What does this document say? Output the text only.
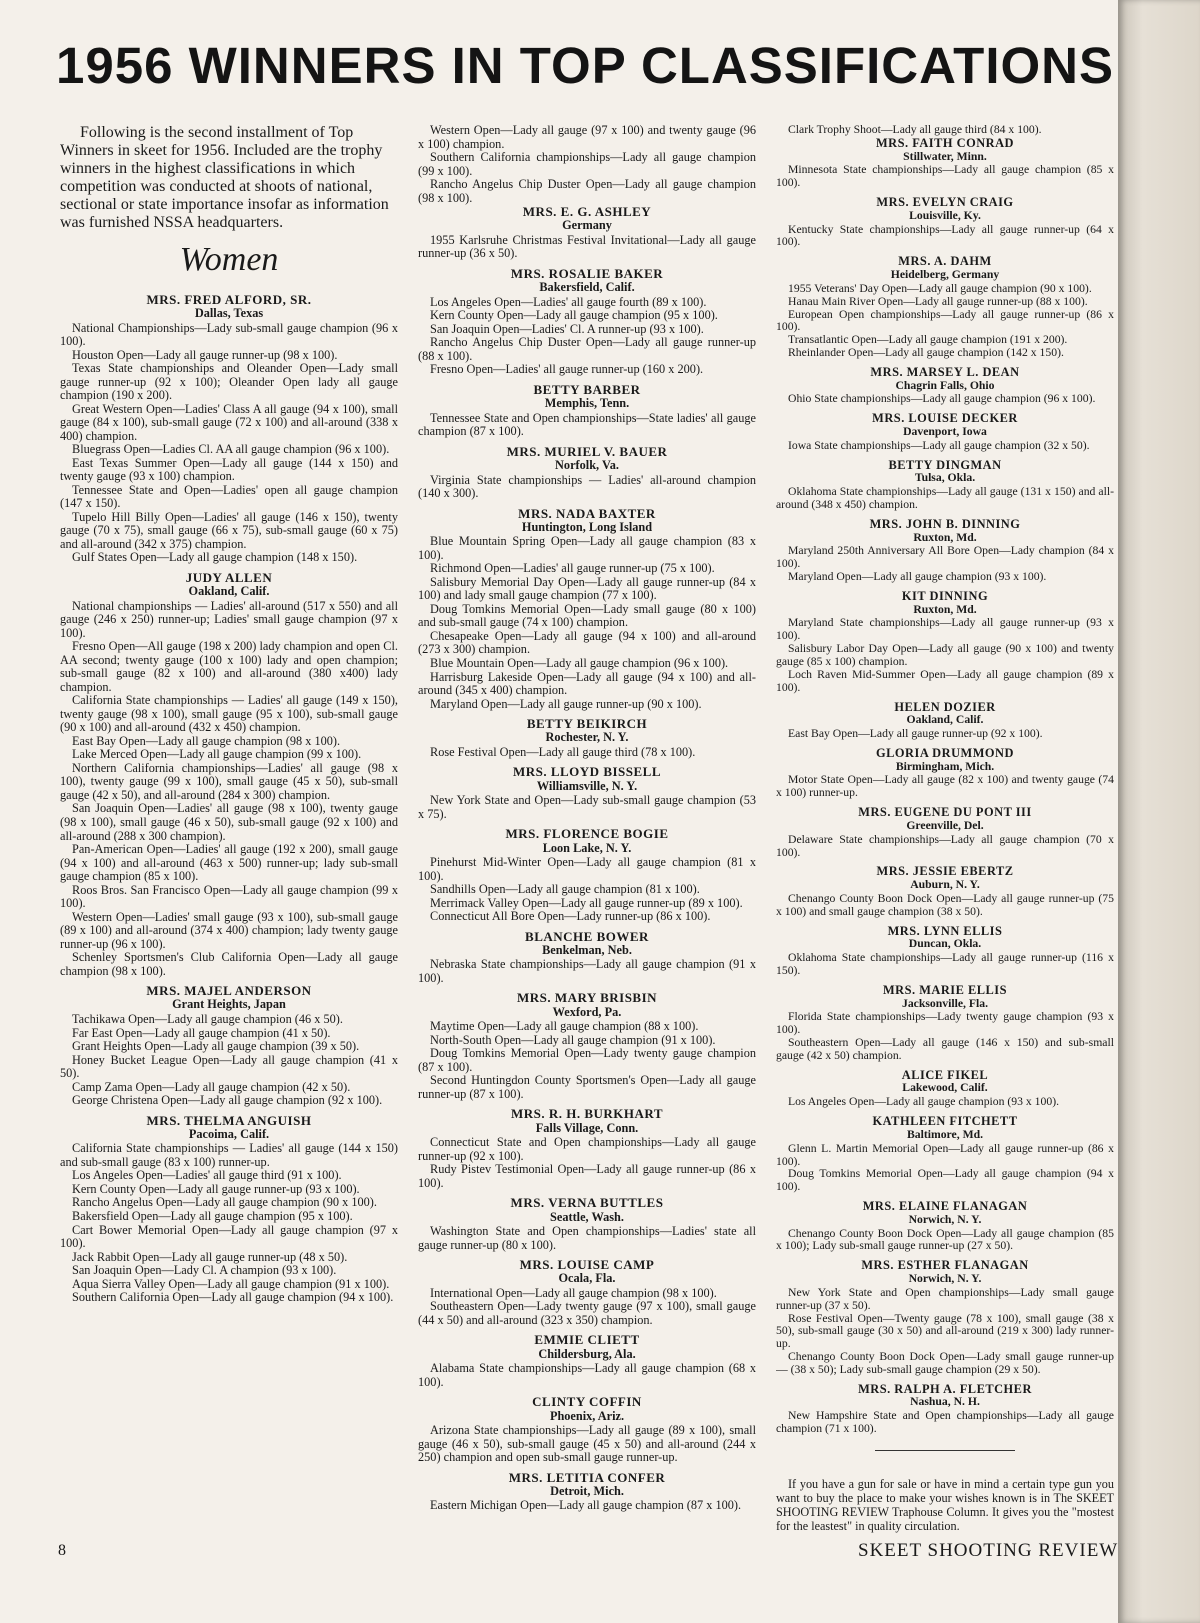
1956 WINNERS IN TOP CLASSIFICATIONS

Following is the second installment of Top Winners in skeet for 1956. Included are the trophy winners in the highest classifications in which competition was conducted at shoots of national, sectional or state importance insofar as information was furnished NSSA headquarters.

Women

MRS. FRED ALFORD, SR.

Dallas, Texas

National Championships—Lady sub-small gauge champion (96 x 100).

Houston Open—Lady all gauge runner-up (98 x 100).

Texas State championships and Oleander Open—Lady small gauge runner-up (92 x 100); Oleander Open lady all gauge champion (190 x 200).

Great Western Open—Ladies' Class A all gauge (94 x 100), small gauge (84 x 100), sub-small gauge (72 x 100) and all-around (338 x 400) champion.

Bluegrass Open—Ladies Cl. AA all gauge champion (96 x 100).

East Texas Summer Open—Lady all gauge (144 x 150) and twenty gauge (93 x 100) champion.

Tennessee State and Open—Ladies' open all gauge champion (147 x 150).

Tupelo Hill Billy Open—Ladies' all gauge (146 x 150), twenty gauge (70 x 75), small gauge (66 x 75), sub-small gauge (60 x 75) and all-around (342 x 375) champion.

Gulf States Open—Lady all gauge champion (148 x 150).

JUDY ALLEN

Oakland, Calif.

National championships — Ladies' all-around (517 x 550) and all gauge (246 x 250) runner-up; Ladies' small gauge champion (97 x 100).

Fresno Open—All gauge (198 x 200) lady champion and open Cl. AA second; twenty gauge (100 x 100) lady and open champion; sub-small gauge (82 x 100) and all-around (380 x400) lady champion.

California State championships — Ladies' all gauge (149 x 150), twenty gauge (98 x 100), small gauge (95 x 100), sub-small gauge (90 x 100) and all-around (432 x 450) champion.

East Bay Open—Lady all gauge champion (98 x 100).

Lake Merced Open—Lady all gauge champion (99 x 100).

Northern California championships—Ladies' all gauge (98 x 100), twenty gauge (99 x 100), small gauge (45 x 50), sub-small gauge (42 x 50), and all-around (284 x 300) champion.

San Joaquin Open—Ladies' all gauge (98 x 100), twenty gauge (98 x 100), small gauge (46 x 50), sub-small gauge (92 x 100) and all-around (288 x 300 champion).

Pan-American Open—Ladies' all gauge (192 x 200), small gauge (94 x 100) and all-around (463 x 500) runner-up; lady sub-small gauge champion (85 x 100).

Roos Bros. San Francisco Open—Lady all gauge champion (99 x 100).

Western Open—Ladies' small gauge (93 x 100), sub-small gauge (89 x 100) and all-around (374 x 400) champion; lady twenty gauge runner-up (96 x 100).

Schenley Sportsmen's Club California Open—Lady all gauge champion (98 x 100).

MRS. MAJEL ANDERSON

Grant Heights, Japan

Tachikawa Open—Lady all gauge champion (46 x 50).

Far East Open—Lady all gauge champion (41 x 50).

Grant Heights Open—Lady all gauge champion (39 x 50).

Honey Bucket League Open—Lady all gauge champion (41 x 50).

Camp Zama Open—Lady all gauge champion (42 x 50).

George Christena Open—Lady all gauge champion (92 x 100).

MRS. THELMA ANGUISH

Pacoima, Calif.

California State championships — Ladies' all gauge (144 x 150) and sub-small gauge (83 x 100) runner-up.

Los Angeles Open—Ladies' all gauge third (91 x 100).

Kern County Open—Lady all gauge runner-up (93 x 100).

Rancho Angelus Open—Lady all gauge champion (90 x 100).

Bakersfield Open—Lady all gauge champion (95 x 100).

Cart Bower Memorial Open—Lady all gauge champion (97 x 100).

Jack Rabbit Open—Lady all gauge runner-up (48 x 50).

San Joaquin Open—Lady Cl. A champion (93 x 100).

Aqua Sierra Valley Open—Lady all gauge champion (91 x 100).

Southern California Open—Lady all gauge champion (94 x 100).

Western Open—Lady all gauge (97 x 100) and twenty gauge (96 x 100) champion.

Southern California championships—Lady all gauge champion (99 x 100).

Rancho Angelus Chip Duster Open—Lady all gauge champion (98 x 100).

MRS. E. G. ASHLEY

Germany

1955 Karlsruhe Christmas Festival Invitational—Lady all gauge runner-up (36 x 50).

MRS. ROSALIE BAKER

Bakersfield, Calif.

Los Angeles Open—Ladies' all gauge fourth (89 x 100).

Kern County Open—Lady all gauge champion (95 x 100).

San Joaquin Open—Ladies' Cl. A runner-up (93 x 100).

Rancho Angelus Chip Duster Open—Lady all gauge runner-up (88 x 100).

Fresno Open—Ladies' all gauge runner-up (160 x 200).

BETTY BARBER

Memphis, Tenn.

Tennessee State and Open championships—State ladies' all gauge champion (87 x 100).

MRS. MURIEL V. BAUER

Norfolk, Va.

Virginia State championships — Ladies' all-around champion (140 x 300).

MRS. NADA BAXTER

Huntington, Long Island

Blue Mountain Spring Open—Lady all gauge champion (83 x 100).

Richmond Open—Ladies' all gauge runner-up (75 x 100).

Salisbury Memorial Day Open—Lady all gauge runner-up (84 x 100) and lady small gauge champion (77 x 100).

Doug Tomkins Memorial Open—Lady small gauge (80 x 100) and sub-small gauge (74 x 100) champion.

Chesapeake Open—Lady all gauge (94 x 100) and all-around (273 x 300) champion.

Blue Mountain Open—Lady all gauge champion (96 x 100).

Harrisburg Lakeside Open—Lady all gauge (94 x 100) and all-around (345 x 400) champion.

Maryland Open—Lady all gauge runner-up (90 x 100).

BETTY BEIKIRCH

Rochester, N. Y.

Rose Festival Open—Lady all gauge third (78 x 100).

MRS. LLOYD BISSELL

Williamsville, N. Y.

New York State and Open—Lady sub-small gauge champion (53 x 75).

MRS. FLORENCE BOGIE

Loon Lake, N. Y.

Pinehurst Mid-Winter Open—Lady all gauge champion (81 x 100).

Sandhills Open—Lady all gauge champion (81 x 100).

Merrimack Valley Open—Lady all gauge runner-up (89 x 100).

Connecticut All Bore Open—Lady runner-up (86 x 100).

BLANCHE BOWER

Benkelman, Neb.

Nebraska State championships—Lady all gauge champion (91 x 100).

MRS. MARY BRISBIN

Wexford, Pa.

Maytime Open—Lady all gauge champion (88 x 100).

North-South Open—Lady all gauge champion (91 x 100).

Doug Tomkins Memorial Open—Lady twenty gauge champion (87 x 100).

Second Huntingdon County Sportsmen's Open—Lady all gauge runner-up (87 x 100).

MRS. R. H. BURKHART

Falls Village, Conn.

Connecticut State and Open championships—Lady all gauge runner-up (92 x 100).

Rudy Pistev Testimonial Open—Lady all gauge runner-up (86 x 100).

MRS. VERNA BUTTLES

Seattle, Wash.

Washington State and Open championships—Ladies' state all gauge runner-up (80 x 100).

MRS. LOUISE CAMP

Ocala, Fla.

International Open—Lady all gauge champion (98 x 100).

Southeastern Open—Lady twenty gauge (97 x 100), small gauge (44 x 50) and all-around (323 x 350) champion.

EMMIE CLIETT

Childersburg, Ala.

Alabama State championships—Lady all gauge champion (68 x 100).

CLINTY COFFIN

Phoenix, Ariz.

Arizona State championships—Lady all gauge (89 x 100), small gauge (46 x 50), sub-small gauge (45 x 50) and all-around (244 x 250) champion and open sub-small gauge runner-up.

MRS. LETITIA CONFER

Detroit, Mich.

Eastern Michigan Open—Lady all gauge champion (87 x 100).

Clark Trophy Shoot—Lady all gauge third (84 x 100).

MRS. FAITH CONRAD

Stillwater, Minn.

Minnesota State championships—Lady all gauge champion (85 x 100).

MRS. EVELYN CRAIG

Louisville, Ky.

Kentucky State championships—Lady all gauge runner-up (64 x 100).

MRS. A. DAHM

Heidelberg, Germany

1955 Veterans' Day Open—Lady all gauge champion (90 x 100).

Hanau Main River Open—Lady all gauge runner-up (88 x 100).

European Open championships—Lady all gauge runner-up (86 x 100).

Transatlantic Open—Lady all gauge champion (191 x 200).

Rheinlander Open—Lady all gauge champion (142 x 150).

MRS. MARSEY L. DEAN

Chagrin Falls, Ohio

Ohio State championships—Lady all gauge champion (96 x 100).

MRS. LOUISE DECKER

Davenport, Iowa

Iowa State championships—Lady all gauge champion (32 x 50).

BETTY DINGMAN

Tulsa, Okla.

Oklahoma State championships—Lady all gauge (131 x 150) and all-around (348 x 450) champion.

MRS. JOHN B. DINNING

Ruxton, Md.

Maryland 250th Anniversary All Bore Open—Lady champion (84 x 100).

Maryland Open—Lady all gauge champion (93 x 100).

KIT DINNING

Ruxton, Md.

Maryland State championships—Lady all gauge runner-up (93 x 100).

Salisbury Labor Day Open—Lady all gauge (90 x 100) and twenty gauge (85 x 100) champion.

Loch Raven Mid-Summer Open—Lady all gauge champion (89 x 100).

HELEN DOZIER

Oakland, Calif.

East Bay Open—Lady all gauge runner-up (92 x 100).

GLORIA DRUMMOND

Birmingham, Mich.

Motor State Open—Lady all gauge (82 x 100) and twenty gauge (74 x 100) runner-up.

MRS. EUGENE DU PONT III

Greenville, Del.

Delaware State championships—Lady all gauge champion (70 x 100).

MRS. JESSIE EBERTZ

Auburn, N. Y.

Chenango County Boon Dock Open—Lady all gauge runner-up (75 x 100) and small gauge champion (38 x 50).

MRS. LYNN ELLIS

Duncan, Okla.

Oklahoma State championships—Lady all gauge runner-up (116 x 150).

MRS. MARIE ELLIS

Jacksonville, Fla.

Florida State championships—Lady twenty gauge champion (93 x 100).

Southeastern Open—Lady all gauge (146 x 150) and sub-small gauge (42 x 50) champion.

ALICE FIKEL

Lakewood, Calif.

Los Angeles Open—Lady all gauge champion (93 x 100).

KATHLEEN FITCHETT

Baltimore, Md.

Glenn L. Martin Memorial Open—Lady all gauge runner-up (86 x 100).

Doug Tomkins Memorial Open—Lady all gauge champion (94 x 100).

MRS. ELAINE FLANAGAN

Norwich, N. Y.

Chenango County Boon Dock Open—Lady all gauge champion (85 x 100); Lady sub-small gauge runner-up (27 x 50).

MRS. ESTHER FLANAGAN

Norwich, N. Y.

New York State and Open championships—Lady small gauge runner-up (37 x 50).

Rose Festival Open—Twenty gauge (78 x 100), small gauge (38 x 50), sub-small gauge (30 x 50) and all-around (219 x 300) lady runner-up.

Chenango County Boon Dock Open—Lady small gauge runner-up — (38 x 50); Lady sub-small gauge champion (29 x 50).

MRS. RALPH A. FLETCHER

Nashua, N. H.

New Hampshire State and Open championships—Lady all gauge champion (71 x 100).

If you have a gun for sale or have in mind a certain type gun you want to buy the place to make your wishes known is in The SKEET SHOOTING REVIEW Traphouse Column. It gives you the "mostest for the leastest" in quality circulation.

8	SKEET SHOOTING REVIEW
